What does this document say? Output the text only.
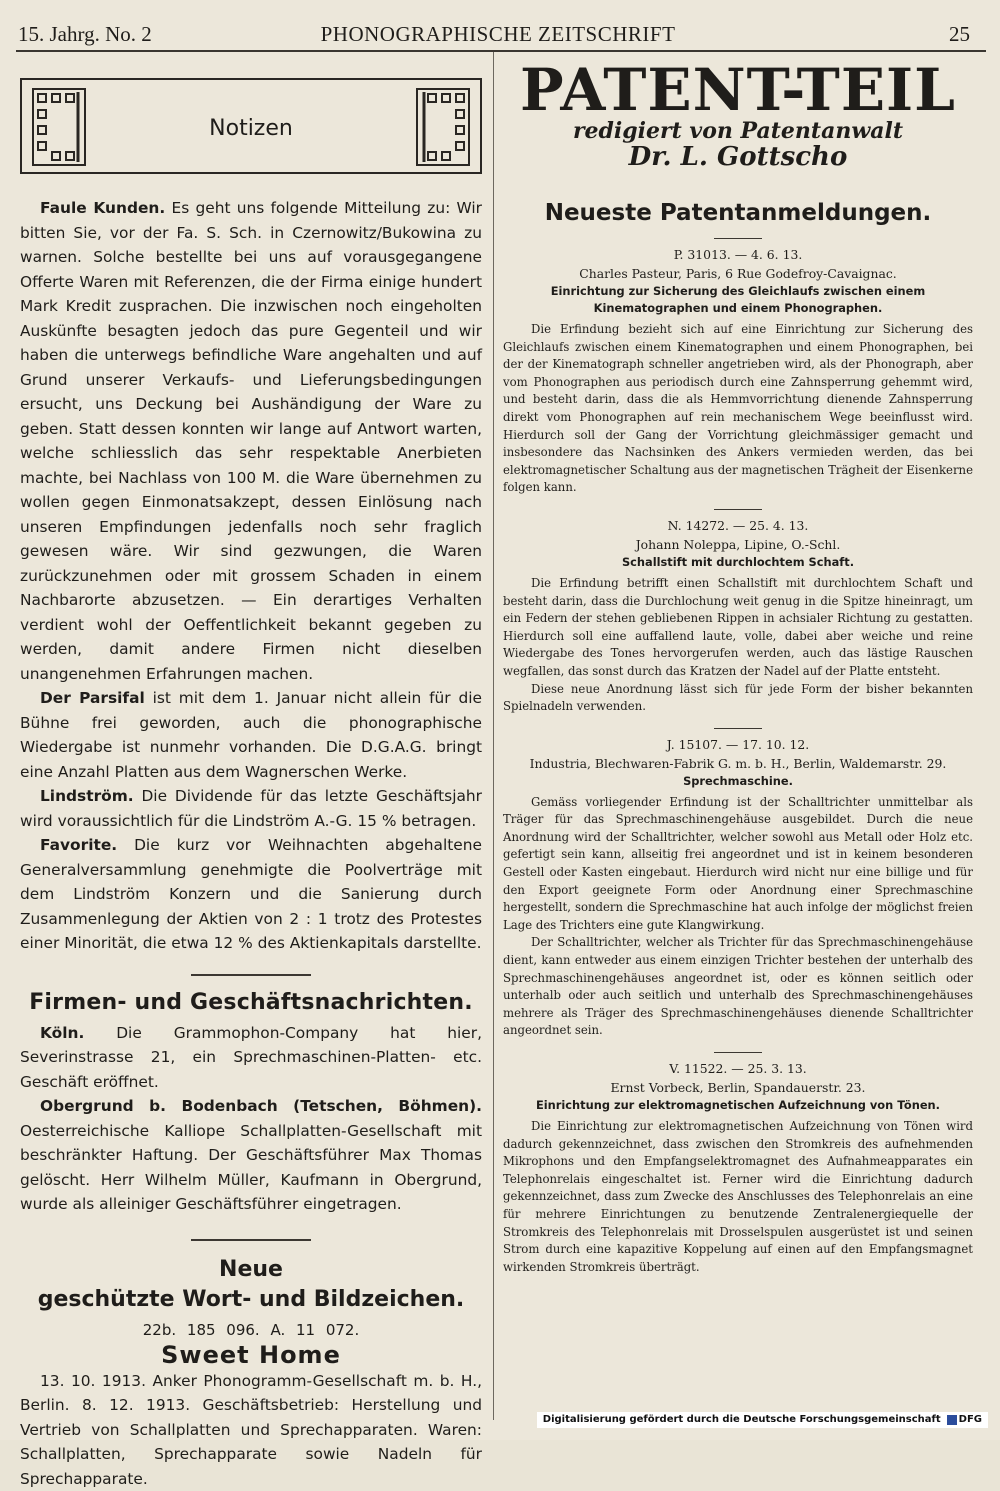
15. Jahrg. No. 2	PHONOGRAPHISCHE ZEITSCHRIFT	25
Notizen

Faule Kunden. Es geht uns folgende Mitteilung zu: Wir bitten Sie, vor der Fa. S. Sch. in Czernowitz/Bukowina zu warnen. Solche bestellte bei uns auf vorausgegangene Offerte Waren mit Referenzen, die der Firma einige hundert Mark Kredit zusprachen. Die inzwischen noch eingeholten Auskünfte besagten jedoch das pure Gegenteil und wir haben die unterwegs befindliche Ware angehalten und auf Grund unserer Verkaufs- und Lieferungsbedingungen ersucht, uns Deckung bei Aushändigung der Ware zu geben. Statt dessen konnten wir lange auf Antwort warten, welche schliesslich das sehr respektable Anerbieten machte, bei Nachlass von 100 M. die Ware übernehmen zu wollen gegen Einmonatsakzept, dessen Einlösung nach unseren Empfindungen jedenfalls noch sehr fraglich gewesen wäre. Wir sind gezwungen, die Waren zurückzunehmen oder mit grossem Schaden in einem Nachbarorte abzusetzen. — Ein derartiges Verhalten verdient wohl der Oeffentlichkeit bekannt gegeben zu werden, damit andere Firmen nicht dieselben unangenehmen Erfahrungen machen.

Der Parsifal ist mit dem 1. Januar nicht allein für die Bühne frei geworden, auch die phonographische Wiedergabe ist nunmehr vorhanden. Die D.G.A.G. bringt eine Anzahl Platten aus dem Wagnerschen Werke.

Lindström. Die Dividende für das letzte Geschäftsjahr wird voraussichtlich für die Lindström A.-G. 15 % betragen.

Favorite. Die kurz vor Weihnachten abgehaltene Generalversammlung genehmigte die Poolverträge mit dem Lindström Konzern und die Sanierung durch Zusammenlegung der Aktien von 2 : 1 trotz des Protestes einer Minorität, die etwa 12 % des Aktienkapitals darstellte.

Firmen- und Geschäftsnachrichten.

Köln. Die Grammophon-Company hat hier, Severinstrasse 21, ein Sprechmaschinen-Platten- etc. Geschäft eröffnet.

Obergrund b. Bodenbach (Tetschen, Böhmen). Oesterreichische Kalliope Schallplatten-Gesellschaft mit beschränkter Haftung. Der Geschäftsführer Max Thomas gelöscht. Herr Wilhelm Müller, Kaufmann in Obergrund, wurde als alleiniger Geschäftsführer eingetragen.

Neue
geschützte Wort- und Bildzeichen.
22b. 185 096. A. 11 072.
Sweet Home

13. 10. 1913. Anker Phonogramm-Gesellschaft m. b. H., Berlin. 8. 12. 1913. Geschäftsbetrieb: Herstellung und Vertrieb von Schallplatten und Sprechapparaten. Waren: Schallplatten, Sprechapparate sowie Nadeln für Sprechapparate.

PATENT-TEIL
redigiert von Patentanwalt
Dr. L. Gottscho
Neueste Patentanmeldungen.
P. 31013. — 4. 6. 13.
Charles Pasteur, Paris, 6 Rue Godefroy-Cavaignac.
Einrichtung zur Sicherung des Gleichlaufs zwischen einem Kinematographen und einem Phonographen.

Die Erfindung bezieht sich auf eine Einrichtung zur Sicherung des Gleichlaufs zwischen einem Kinematographen und einem Phonographen, bei der der Kinematograph schneller angetrieben wird, als der Phonograph, aber vom Phonographen aus periodisch durch eine Zahnsperrung gehemmt wird, und besteht darin, dass die als Hemmvorrichtung dienende Zahnsperrung direkt vom Phonographen auf rein mechanischem Wege beeinflusst wird. Hierdurch soll der Gang der Vorrichtung gleichmässiger gemacht und insbesondere das Nachsinken des Ankers vermieden werden, das bei elektromagnetischer Schaltung aus der magnetischen Trägheit der Eisenkerne folgen kann.

N. 14272. — 25. 4. 13.
Johann Noleppa, Lipine, O.-Schl.
Schallstift mit durchlochtem Schaft.

Die Erfindung betrifft einen Schallstift mit durchlochtem Schaft und besteht darin, dass die Durchlochung weit genug in die Spitze hineinragt, um ein Federn der stehen gebliebenen Rippen in achsialer Richtung zu gestatten. Hierdurch soll eine auffallend laute, volle, dabei aber weiche und reine Wiedergabe des Tones hervorgerufen werden, auch das lästige Rauschen wegfallen, das sonst durch das Kratzen der Nadel auf der Platte entsteht.

Diese neue Anordnung lässt sich für jede Form der bisher bekannten Spielnadeln verwenden.

J. 15107. — 17. 10. 12.
Industria, Blechwaren-Fabrik G. m. b. H., Berlin, Waldemarstr. 29.
Sprechmaschine.

Gemäss vorliegender Erfindung ist der Schalltrichter unmittelbar als Träger für das Sprechmaschinengehäuse ausgebildet. Durch die neue Anordnung wird der Schalltrichter, welcher sowohl aus Metall oder Holz etc. gefertigt sein kann, allseitig frei angeordnet und ist in keinem besonderen Gestell oder Kasten eingebaut. Hierdurch wird nicht nur eine billige und für den Export geeignete Form oder Anordnung einer Sprechmaschine hergestellt, sondern die Sprechmaschine hat auch infolge der möglichst freien Lage des Trichters eine gute Klangwirkung.

Der Schalltrichter, welcher als Trichter für das Sprechmaschinengehäuse dient, kann entweder aus einem einzigen Trichter bestehen der unterhalb des Sprechmaschinengehäuses angeordnet ist, oder es können seitlich oder unterhalb oder auch seitlich und unterhalb des Sprechmaschinengehäuses mehrere als Träger des Sprechmaschinengehäuses dienende Schalltrichter angeordnet sein.

V. 11522. — 25. 3. 13.
Ernst Vorbeck, Berlin, Spandauerstr. 23.
Einrichtung zur elektromagnetischen Aufzeichnung von Tönen.

Die Einrichtung zur elektromagnetischen Aufzeichnung von Tönen wird dadurch gekennzeichnet, dass zwischen den Stromkreis des aufnehmenden Mikrophons und den Empfangselektromagnet des Aufnahmeapparates ein Telephonrelais eingeschaltet ist. Ferner wird die Einrichtung dadurch gekennzeichnet, dass zum Zwecke des Anschlusses des Telephonrelais an eine für mehrere Einrichtungen zu benutzende Zentralenergiequelle der Stromkreis des Telephonrelais mit Drosselspulen ausgerüstet ist und seinen Strom durch eine kapazitive Koppelung auf einen auf den Empfangsmagnet wirkenden Stromkreis überträgt.

Digitalisierung gefördert durch die Deutsche Forschungsgemeinschaft DFG
